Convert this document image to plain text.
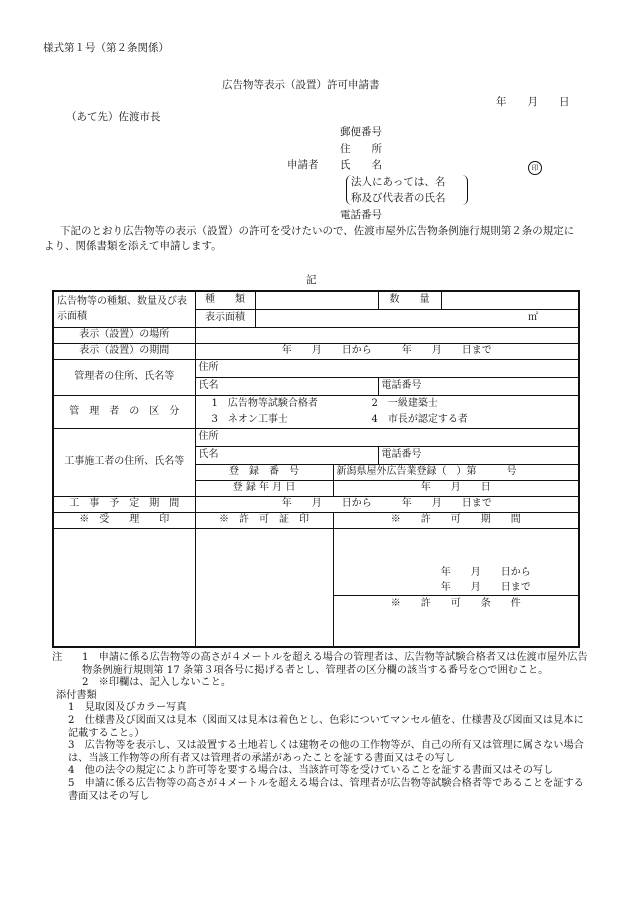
様式第１号（第２条関係）
広告物等表示（設置）許可申請書
年　　月　　日
（あて先）佐渡市長
郵便番号
住　　所
申請者 氏　　名	印
法人にあっては、名
称及び代表者の氏名
電話番号
下記のとおり広告物等の表示（設置）の許可を受けたいので、佐渡市屋外広告物条例施行規則第２条の規定により、関係書類を添えて申請します。
記
広告物等の種類、数量及び表示面積	種　　類			数　　量	
	表示面積	㎡			
表示（設置）の場所					
表示（設置）の期間	年　　月　　日から　　　年　　月　　日まで				
管理者の住所、氏名等	住所				
	氏名			電話番号	
管　理　者　の　区　分	1　広告物等試験合格者 2　一級建築士
3　ネオン工事士 4　市長が認定する者				
工事施工者の住所、氏名等	住所				
	氏名			電話番号	
	登　録　番　号		新潟県屋外広告業登録（　）第　　　号		
	登 録 年 月 日		年　　月　　日		
工　事　予　定　期　間	年　　月　　日から　　　年　　月　　日まで				
※　受　　理　　印	※　許　可　証　印		※　　許　　可　　期　　間		

			年　　月　　日から
年　　月　　日まで
※　　許　　可　　条　　件		
注 1　申請に係る広告物等の高さが４メートルを超える場合の管理者は、広告物等試験合格者又は佐渡市屋外広告物条例施行規則第 17 条第３項各号に掲げる者とし、管理者の区分欄の該当する番号を○で囲むこと。
2　※印欄は、記入しないこと。
添付書類
1　見取図及びカラー写真
2　仕様書及び図面又は見本（図面又は見本は着色とし、色彩についてマンセル値を、仕様書及び図面又は見本に記載すること。）
3　広告物等を表示し、又は設置する土地若しくは建物その他の工作物等が、自己の所有又は管理に属さない場合は、当該工作物等の所有者又は管理者の承諾があったことを証する書面又はその写し
4　他の法令の規定により許可等を要する場合は、当該許可等を受けていることを証する書面又はその写し
5　申請に係る広告物等の高さが４メートルを超える場合は、管理者が広告物等試験合格者等であることを証する書面又はその写し
